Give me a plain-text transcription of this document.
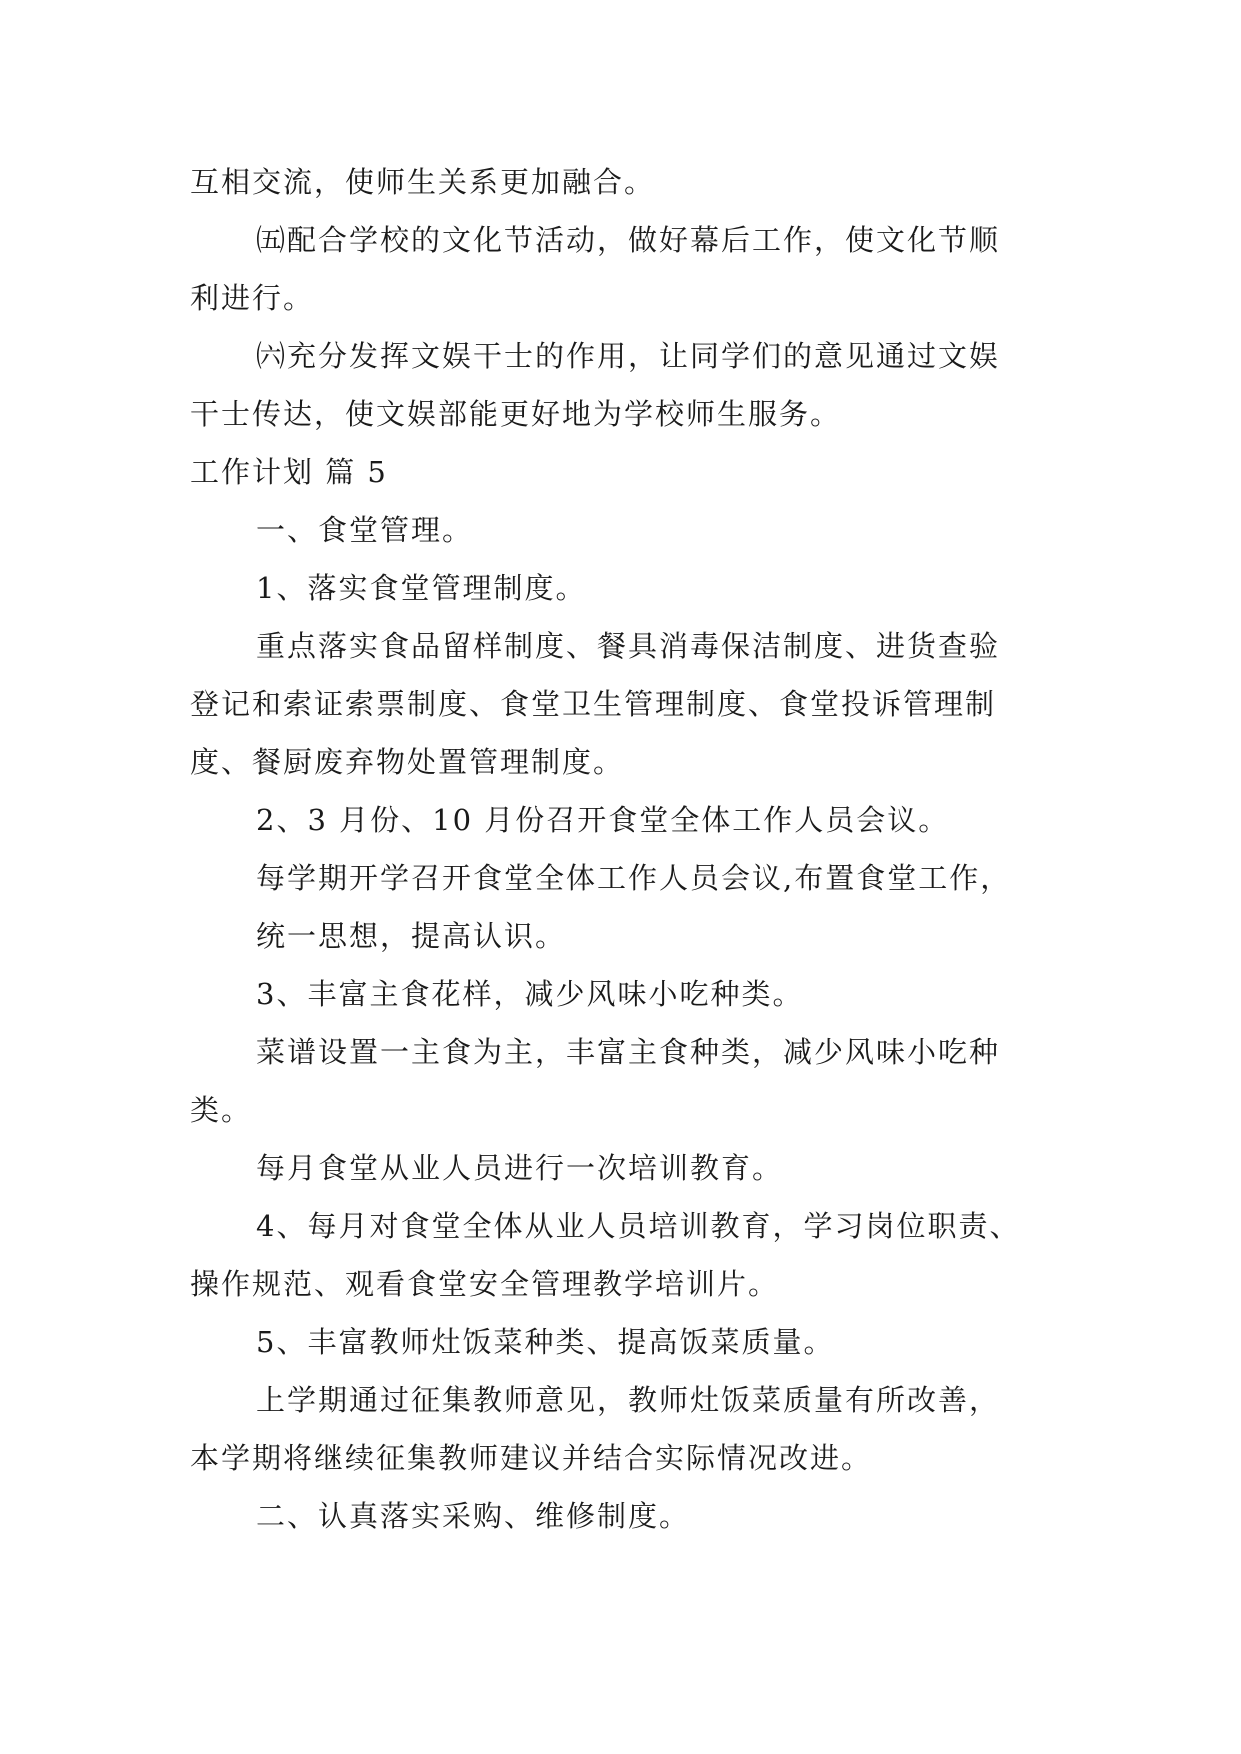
互相交流，使师生关系更加融合。
㈤配合学校的文化节活动，做好幕后工作，使文化节顺
利进行。
㈥充分发挥文娱干士的作用，让同学们的意见通过文娱
干士传达，使文娱部能更好地为学校师生服务。
工作计划 篇 5
一、食堂管理。
1、落实食堂管理制度。
重点落实食品留样制度、餐具消毒保洁制度、进货查验
登记和索证索票制度、食堂卫生管理制度、食堂投诉管理制
度、餐厨废弃物处置管理制度。
2、3 月份、10 月份召开食堂全体工作人员会议。
每学期开学召开食堂全体工作人员会议,布置食堂工作，
统一思想，提高认识。
3、丰富主食花样，减少风味小吃种类。
菜谱设置一主食为主，丰富主食种类，减少风味小吃种
类。
每月食堂从业人员进行一次培训教育。
4、每月对食堂全体从业人员培训教育，学习岗位职责、
操作规范、观看食堂安全管理教学培训片。
5、丰富教师灶饭菜种类、提高饭菜质量。
上学期通过征集教师意见，教师灶饭菜质量有所改善，
本学期将继续征集教师建议并结合实际情况改进。
二、认真落实采购、维修制度。
